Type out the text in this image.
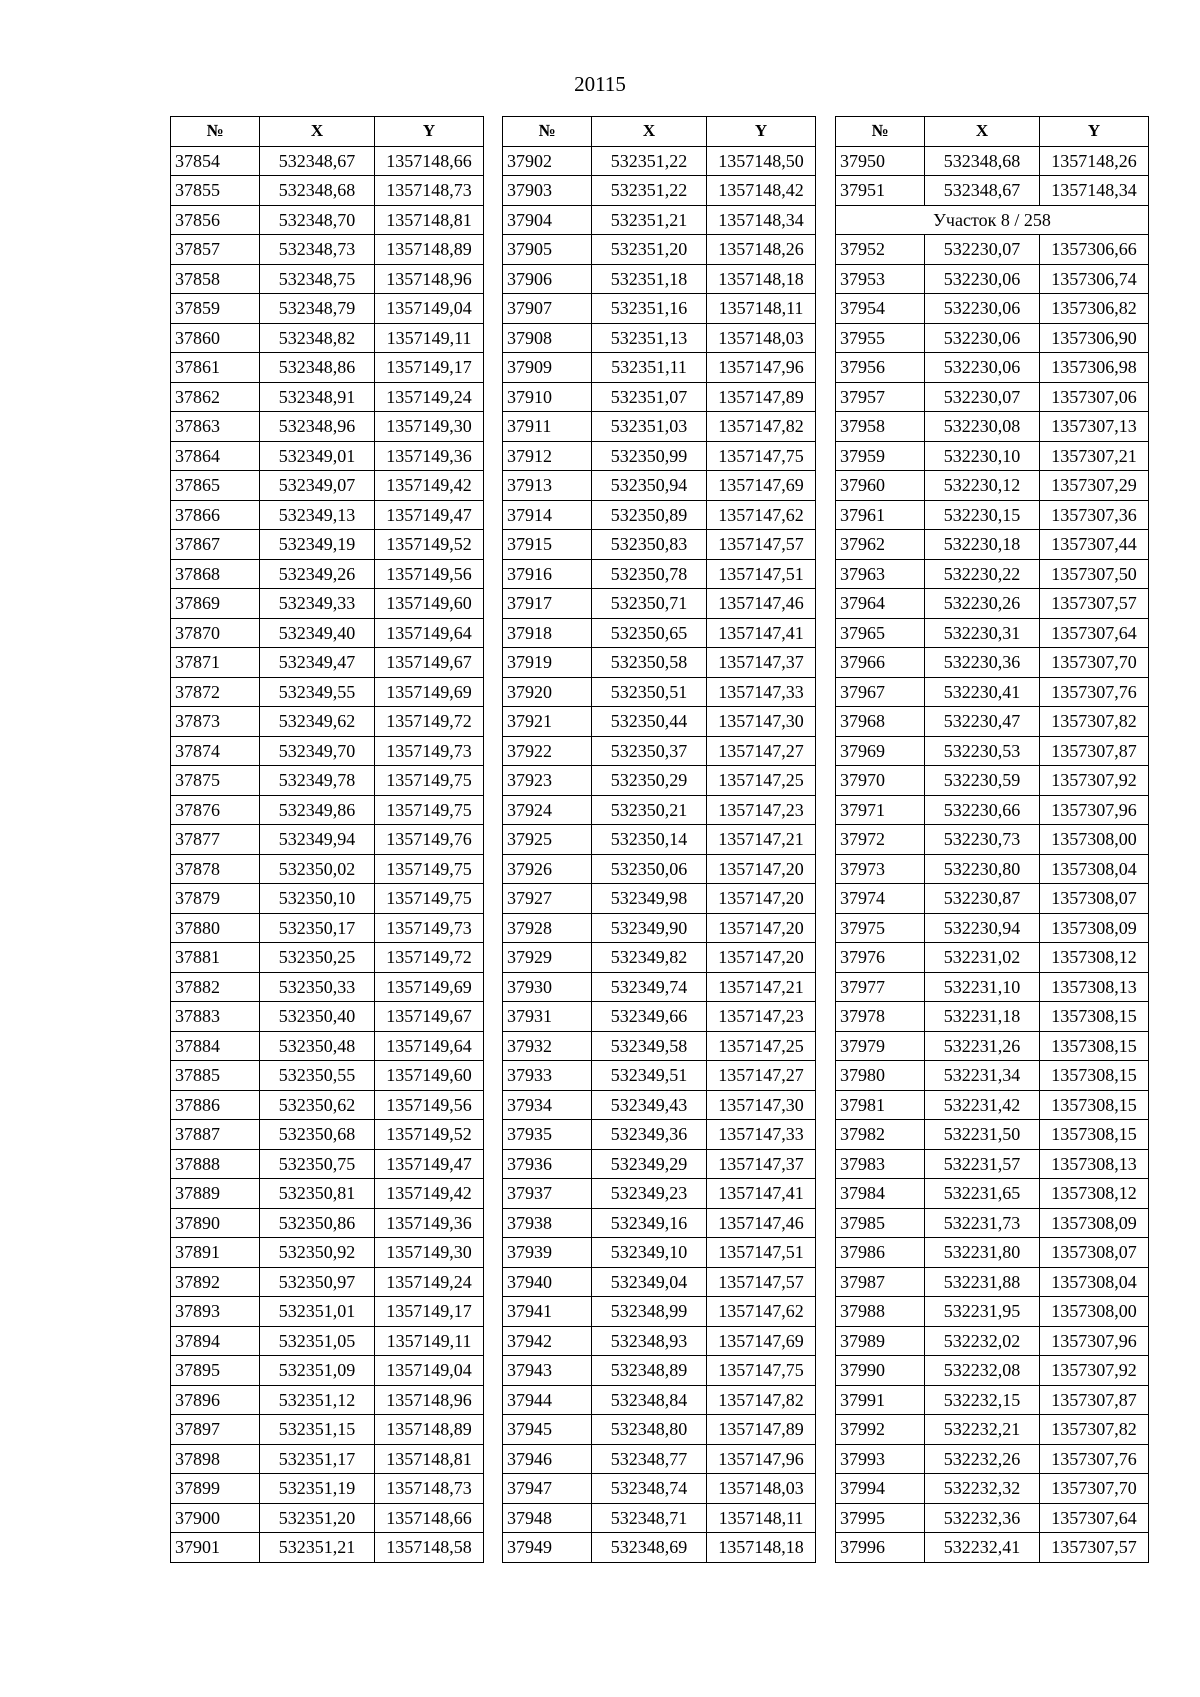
20115
№	X	Y
37854	532348,67	1357148,66
37855	532348,68	1357148,73
37856	532348,70	1357148,81
37857	532348,73	1357148,89
37858	532348,75	1357148,96
37859	532348,79	1357149,04
37860	532348,82	1357149,11
37861	532348,86	1357149,17
37862	532348,91	1357149,24
37863	532348,96	1357149,30
37864	532349,01	1357149,36
37865	532349,07	1357149,42
37866	532349,13	1357149,47
37867	532349,19	1357149,52
37868	532349,26	1357149,56
37869	532349,33	1357149,60
37870	532349,40	1357149,64
37871	532349,47	1357149,67
37872	532349,55	1357149,69
37873	532349,62	1357149,72
37874	532349,70	1357149,73
37875	532349,78	1357149,75
37876	532349,86	1357149,75
37877	532349,94	1357149,76
37878	532350,02	1357149,75
37879	532350,10	1357149,75
37880	532350,17	1357149,73
37881	532350,25	1357149,72
37882	532350,33	1357149,69
37883	532350,40	1357149,67
37884	532350,48	1357149,64
37885	532350,55	1357149,60
37886	532350,62	1357149,56
37887	532350,68	1357149,52
37888	532350,75	1357149,47
37889	532350,81	1357149,42
37890	532350,86	1357149,36
37891	532350,92	1357149,30
37892	532350,97	1357149,24
37893	532351,01	1357149,17
37894	532351,05	1357149,11
37895	532351,09	1357149,04
37896	532351,12	1357148,96
37897	532351,15	1357148,89
37898	532351,17	1357148,81
37899	532351,19	1357148,73
37900	532351,20	1357148,66
37901	532351,21	1357148,58
№	X	Y
37902	532351,22	1357148,50
37903	532351,22	1357148,42
37904	532351,21	1357148,34
37905	532351,20	1357148,26
37906	532351,18	1357148,18
37907	532351,16	1357148,11
37908	532351,13	1357148,03
37909	532351,11	1357147,96
37910	532351,07	1357147,89
37911	532351,03	1357147,82
37912	532350,99	1357147,75
37913	532350,94	1357147,69
37914	532350,89	1357147,62
37915	532350,83	1357147,57
37916	532350,78	1357147,51
37917	532350,71	1357147,46
37918	532350,65	1357147,41
37919	532350,58	1357147,37
37920	532350,51	1357147,33
37921	532350,44	1357147,30
37922	532350,37	1357147,27
37923	532350,29	1357147,25
37924	532350,21	1357147,23
37925	532350,14	1357147,21
37926	532350,06	1357147,20
37927	532349,98	1357147,20
37928	532349,90	1357147,20
37929	532349,82	1357147,20
37930	532349,74	1357147,21
37931	532349,66	1357147,23
37932	532349,58	1357147,25
37933	532349,51	1357147,27
37934	532349,43	1357147,30
37935	532349,36	1357147,33
37936	532349,29	1357147,37
37937	532349,23	1357147,41
37938	532349,16	1357147,46
37939	532349,10	1357147,51
37940	532349,04	1357147,57
37941	532348,99	1357147,62
37942	532348,93	1357147,69
37943	532348,89	1357147,75
37944	532348,84	1357147,82
37945	532348,80	1357147,89
37946	532348,77	1357147,96
37947	532348,74	1357148,03
37948	532348,71	1357148,11
37949	532348,69	1357148,18
№	X	Y
37950	532348,68	1357148,26
37951	532348,67	1357148,34
Участок 8 / 258		
37952	532230,07	1357306,66
37953	532230,06	1357306,74
37954	532230,06	1357306,82
37955	532230,06	1357306,90
37956	532230,06	1357306,98
37957	532230,07	1357307,06
37958	532230,08	1357307,13
37959	532230,10	1357307,21
37960	532230,12	1357307,29
37961	532230,15	1357307,36
37962	532230,18	1357307,44
37963	532230,22	1357307,50
37964	532230,26	1357307,57
37965	532230,31	1357307,64
37966	532230,36	1357307,70
37967	532230,41	1357307,76
37968	532230,47	1357307,82
37969	532230,53	1357307,87
37970	532230,59	1357307,92
37971	532230,66	1357307,96
37972	532230,73	1357308,00
37973	532230,80	1357308,04
37974	532230,87	1357308,07
37975	532230,94	1357308,09
37976	532231,02	1357308,12
37977	532231,10	1357308,13
37978	532231,18	1357308,15
37979	532231,26	1357308,15
37980	532231,34	1357308,15
37981	532231,42	1357308,15
37982	532231,50	1357308,15
37983	532231,57	1357308,13
37984	532231,65	1357308,12
37985	532231,73	1357308,09
37986	532231,80	1357308,07
37987	532231,88	1357308,04
37988	532231,95	1357308,00
37989	532232,02	1357307,96
37990	532232,08	1357307,92
37991	532232,15	1357307,87
37992	532232,21	1357307,82
37993	532232,26	1357307,76
37994	532232,32	1357307,70
37995	532232,36	1357307,64
37996	532232,41	1357307,57
